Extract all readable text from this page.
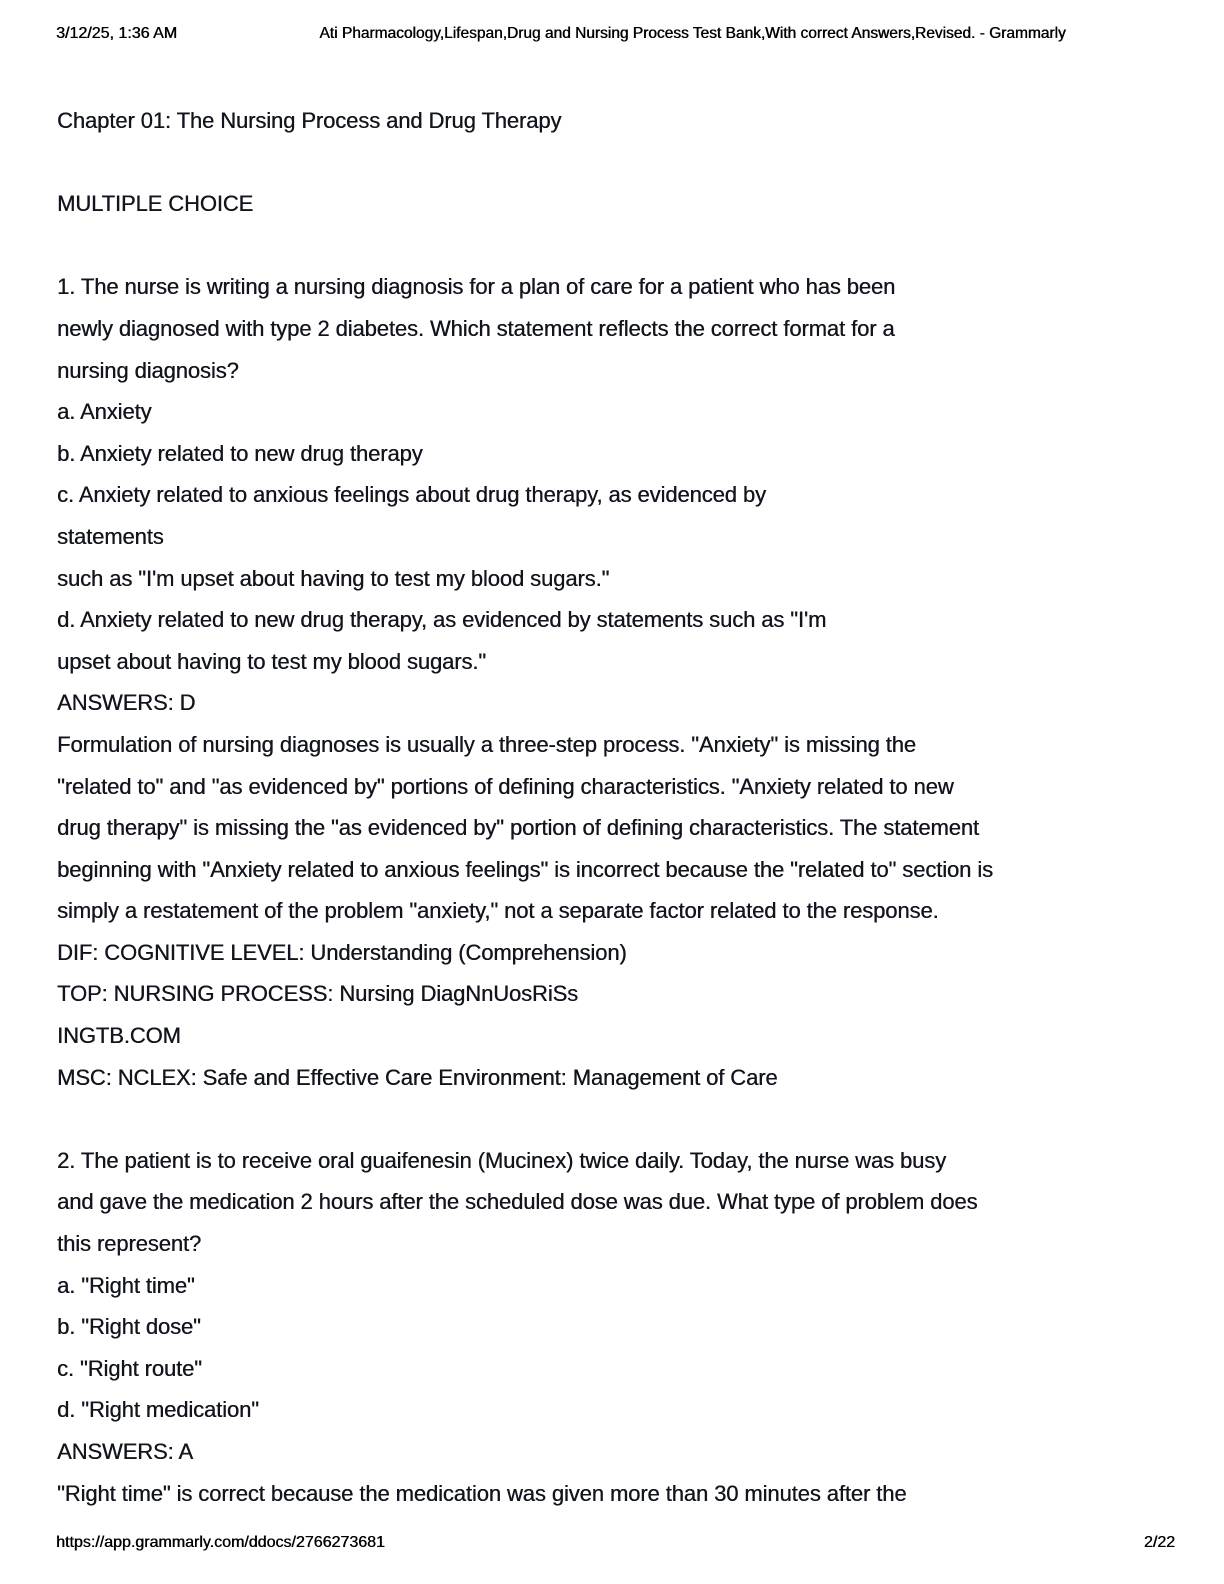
3/12/25, 1:36 AM	Ati Pharmacology,Lifespan,Drug and Nursing Process Test Bank,With correct Answers,Revised. - Grammarly
Chapter 01: The Nursing Process and Drug Therapy
MULTIPLE CHOICE
1. The nurse is writing a nursing diagnosis for a plan of care for a patient who has been
newly diagnosed with type 2 diabetes. Which statement reflects the correct format for a
nursing diagnosis?
a. Anxiety
b. Anxiety related to new drug therapy
c. Anxiety related to anxious feelings about drug therapy, as evidenced by
statements
such as "I'm upset about having to test my blood sugars."
d. Anxiety related to new drug therapy, as evidenced by statements such as "I'm
upset about having to test my blood sugars."
ANSWERS: D
Formulation of nursing diagnoses is usually a three-step process. "Anxiety" is missing the
"related to" and "as evidenced by" portions of defining characteristics. "Anxiety related to new
drug therapy" is missing the "as evidenced by" portion of defining characteristics. The statement
beginning with "Anxiety related to anxious feelings" is incorrect because the "related to" section is
simply a restatement of the problem "anxiety," not a separate factor related to the response.
DIF: COGNITIVE LEVEL: Understanding (Comprehension)
TOP: NURSING PROCESS: Nursing DiagNnUosRiSs
INGTB.COM
MSC: NCLEX: Safe and Effective Care Environment: Management of Care
2. The patient is to receive oral guaifenesin (Mucinex) twice daily. Today, the nurse was busy
and gave the medication 2 hours after the scheduled dose was due. What type of problem does
this represent?
a. "Right time"
b. "Right dose"
c. "Right route"
d. "Right medication"
ANSWERS: A
"Right time" is correct because the medication was given more than 30 minutes after the
https://app.grammarly.com/ddocs/2766273681	2/22
